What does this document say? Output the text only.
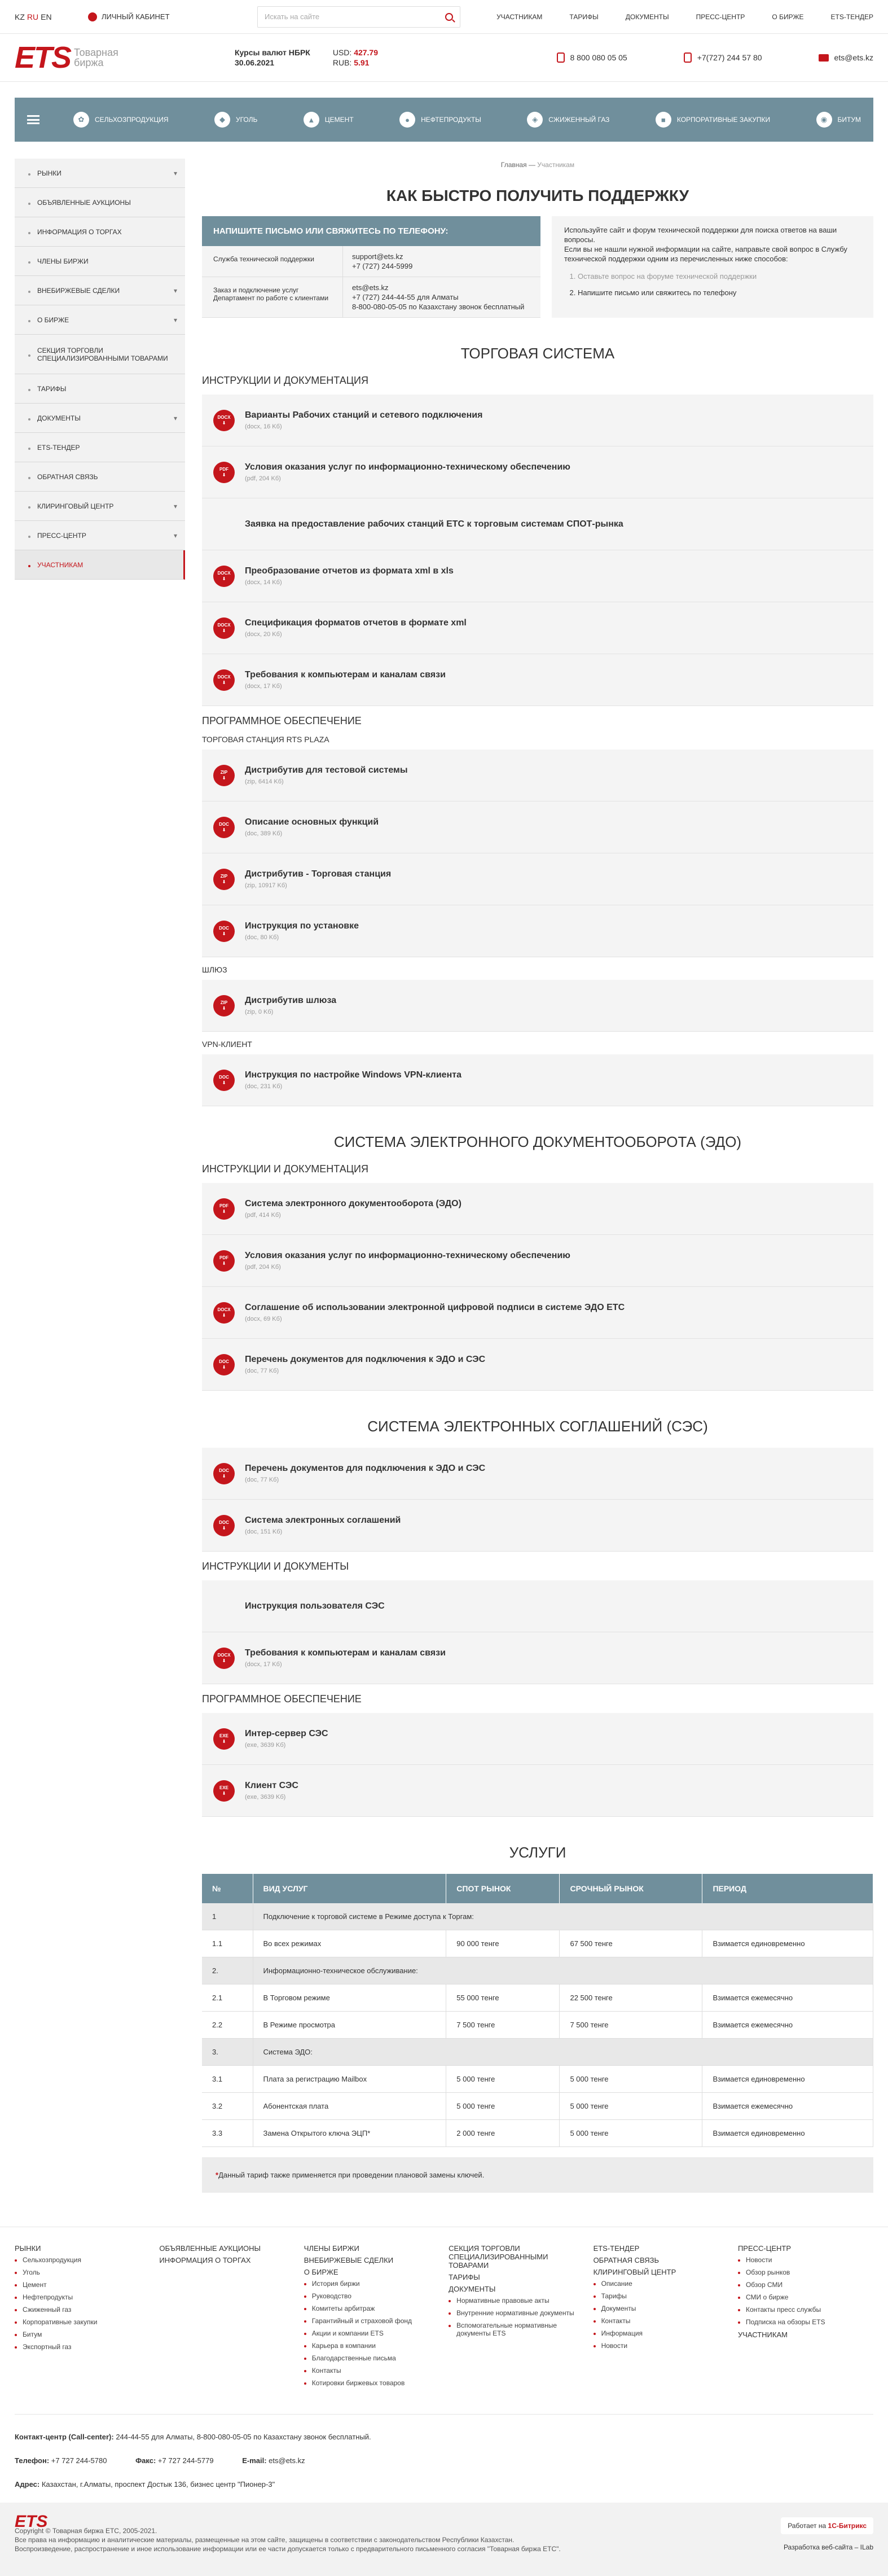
KZ RU EN	ЛИЧНЫЙ КАБИНЕТ	Искать на сайте	УЧАСТНИКАМ	ТАРИФЫ	ДОКУМЕНТЫ	ПРЕСС-ЦЕНТР	О БИРЖЕ	ETS-ТЕНДЕР
ETS Товарная
биржа
Курсы валют НБРК
30.06.2021
USD: 427.79
RUB: 5.91
8 800 080 05 05	+7(727) 244 57 80	ets@ets.kz
✿	СЕЛЬХОЗПРОДУКЦИЯ	◆	УГОЛЬ	▲	ЦЕМЕНТ	●	НЕФТЕПРОДУКТЫ	◈	СЖИЖЕННЫЙ ГАЗ	■	КОРПОРАТИВНЫЕ ЗАКУПКИ	◉	БИТУМ
РЫНКИ	▾
ОБЪЯВЛЕННЫЕ АУКЦИОНЫ
ИНФОРМАЦИЯ О ТОРГАХ
ЧЛЕНЫ БИРЖИ
ВНЕБИРЖЕВЫЕ СДЕЛКИ	▾
О БИРЖЕ	▾
СЕКЦИЯ ТОРГОВЛИ СПЕЦИАЛИЗИРОВАННЫМИ ТОВАРАМИ
ТАРИФЫ
ДОКУМЕНТЫ	▾
ETS-ТЕНДЕР
ОБРАТНАЯ СВЯЗЬ
КЛИРИНГОВЫЙ ЦЕНТР	▾
ПРЕСС-ЦЕНТР	▾
УЧАСТНИКАМ
Главная — Участникам
КАК БЫСТРО ПОЛУЧИТЬ ПОДДЕРЖКУ
НАПИШИТЕ ПИСЬМО ИЛИ СВЯЖИТЕСЬ ПО ТЕЛЕФОНУ:
Служба технической поддержки	support@ets.kz
+7 (727) 244-5999
Заказ и подключение услуг Департамент по работе с клиентами
ets@ets.kz
+7 (727) 244-44-55 для Алматы
8-800-080-05-05 по Казахстану звонок бесплатный
Используйте сайт и форум технической поддержки для поиска ответов на ваши вопросы.
Если вы не нашли нужной информации на сайте, направьте свой вопрос в Службу технической поддержки одним из перечисленных ниже способов:
1. Оставьте вопрос на форуме технической поддержки
2. Напишите письмо или свяжитесь по телефону
ТОРГОВАЯ СИСТЕМА
ИНСТРУКЦИИ И ДОКУМЕНТАЦИЯ
DOCX
⬇
Варианты Рабочих станций и сетевого подключения
(docx, 16 Kб)
PDF
⬇
Условия оказания услуг по информационно-техническому обеспечению
(pdf, 204 Kб)
Заявка на предоставление рабочих станций ЕТС к торговым системам СПОТ-рынка
DOCX
⬇
Преобразование отчетов из формата xml в xls
(docx, 14 Kб)
DOCX
⬇
Спецификация форматов отчетов в формате xml
(docx, 20 Kб)
DOCX
⬇
Требования к компьютерам и каналам связи
(docx, 17 Kб)
ПРОГРАММНОЕ ОБЕСПЕЧЕНИЕ
ТОРГОВАЯ СТАНЦИЯ RTS PLAZA
ZIP
⬇
Дистрибутив для тестовой системы
(zip, 6414 Kб)
DOC
⬇
Описание основных функций
(doc, 389 Kб)
ZIP
⬇
Дистрибутив - Торговая станция
(zip, 10917 Kб)
DOC
⬇
Инструкция по установке
(doc, 80 Kб)
ШЛЮЗ
ZIP
⬇
Дистрибутив шлюза
(zip, 0 Kб)
VPN-КЛИЕНТ
DOC
⬇
Инструкция по настройке Windows VPN-клиента
(doc, 231 Kб)
СИСТЕМА ЭЛЕКТРОННОГО ДОКУМЕНТООБОРОТА (ЭДО)
ИНСТРУКЦИИ И ДОКУМЕНТАЦИЯ
PDF
⬇
Система электронного документооборота (ЭДО)
(pdf, 414 Kб)
PDF
⬇
Условия оказания услуг по информационно-техническому обеспечению
(pdf, 204 Kб)
DOCX
⬇
Соглашение об использовании электронной цифровой подписи в системе ЭДО ЕТС
(docx, 69 Kб)
DOC
⬇
Перечень документов для подключения к ЭДО и СЭС
(doc, 77 Kб)
СИСТЕМА ЭЛЕКТРОННЫХ СОГЛАШЕНИЙ (СЭС)
DOC
⬇
Перечень документов для подключения к ЭДО и СЭС
(doc, 77 Kб)
DOC
⬇
Система электронных соглашений
(doc, 151 Kб)
ИНСТРУКЦИИ И ДОКУМЕНТЫ
Инструкция пользователя СЭС
DOCX
⬇
Требования к компьютерам и каналам связи
(docx, 17 Kб)
ПРОГРАММНОЕ ОБЕСПЕЧЕНИЕ
EXE
⬇
Интер-сервер СЭС
(exe, 3639 Kб)
EXE
⬇
Клиент СЭС
(exe, 3639 Kб)
УСЛУГИ
№	ВИД УСЛУГ	СПОТ РЫНОК	СРОЧНЫЙ РЫНОК	ПЕРИОД
1	Подключение к торговой системе в Режиме доступа к Торгам:			
1.1	Во всех режимах	90 000 тенге	67 500 тенге	Взимается единовременно
2.	Информационно-техническое обслуживание:			
2.1	В Торговом режиме	55 000 тенге	22 500 тенге	Взимается ежемесячно
2.2	В Режиме просмотра	7 500 тенге	7 500 тенге	Взимается ежемесячно
3.	Система ЭДО:			
3.1	Плата за регистрацию Mailbox	5 000 тенге	5 000 тенге	Взимается единовременно
3.2	Абонентская плата	5 000 тенге	5 000 тенге	Взимается ежемесячно
3.3	Замена Открытого ключа ЭЦП*	2 000 тенге	5 000 тенге	Взимается единовременно
*Данный тариф также применяется при проведении плановой замены ключей.
РЫНКИ
Сельхозпродукция
Уголь
Цемент
Нефтепродукты
Сжиженный газ
Корпоративные закупки
Битум
Экспортный газ
ОБЪЯВЛЕННЫЕ АУКЦИОНЫ
ИНФОРМАЦИЯ О ТОРГАХ
ЧЛЕНЫ БИРЖИ
ВНЕБИРЖЕВЫЕ СДЕЛКИ
О БИРЖЕ
История биржи
Руководство
Комитеты арбитраж
Гарантийный и страховой фонд
Акции и компании ETS
Карьера в компании
Благодарственные письма
Контакты
Котировки биржевых товаров
СЕКЦИЯ ТОРГОВЛИ СПЕЦИАЛИЗИРОВАННЫМИ ТОВАРАМИ
ТАРИФЫ
ДОКУМЕНТЫ
Нормативные правовые акты
Внутренние нормативные документы
Вспомогательные нормативные документы ETS
ETS-ТЕНДЕР
ОБРАТНАЯ СВЯЗЬ
КЛИРИНГОВЫЙ ЦЕНТР
Описание
Тарифы
Документы
Контакты
Информация
Новости
ПРЕСС-ЦЕНТР
Новости
Обзор рынков
Обзор СМИ
СМИ о бирже
Контакты пресс службы
Подписка на обзоры ETS
УЧАСТНИКАМ
Контакт-центр (Call-center): 244-44-55 для Алматы, 8-800-080-05-05 по Казахстану звонок бесплатный.
Телефон: +7 727 244-5780	Факс: +7 727 244-5779	E-mail: ets@ets.kz
Адрес: Казахстан, г.Алматы, проспект Достык 136, бизнес центр "Пионер-3"
ETS
Copyright © Товарная биржа ETC, 2005-2021.
Все права на информацию и аналитические материалы, размещенные на этом сайте, защищены в соответствии с законодательством Республики Казахстан.
Воспроизведение, распространение и иное использование информации или ее части допускается только с предварительного письменного согласия "Товарная биржа ETC".
Работает на 1С-Битрикс
Разработка веб-сайта – ILab
